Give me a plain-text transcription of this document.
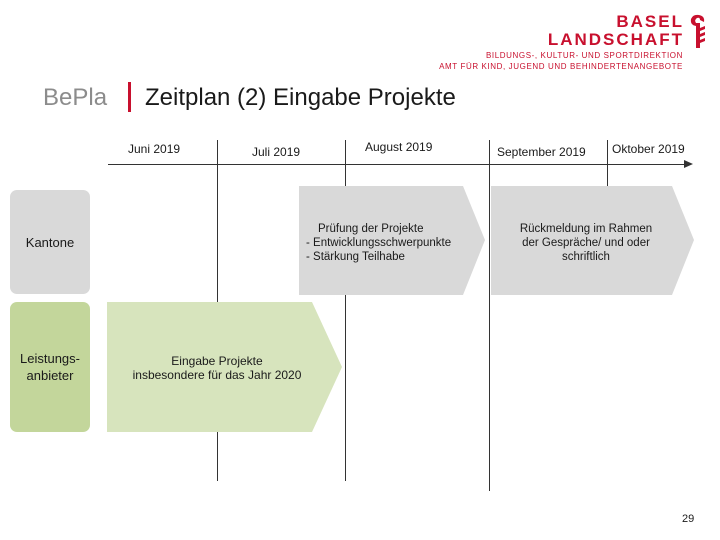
BASEL
LANDSCHAFT
BILDUNGS-, KULTUR- UND SPORTDIREKTION
AMT FÜR KIND, JUGEND UND BEHINDERTENANGEBOTE
BePla Zeitplan (2) Eingabe Projekte
Juni 2019	Juli 2019	August 2019	September 2019 Oktober 2019
Kantone
Leistungs-
anbieter
Prüfung der Projekte
- Entwicklungsschwerpunkte
- Stärkung Teilhabe
Rückmeldung im Rahmen
der Gespräche/ und oder
schriftlich
Eingabe Projekte
insbesondere für das Jahr 2020
29
